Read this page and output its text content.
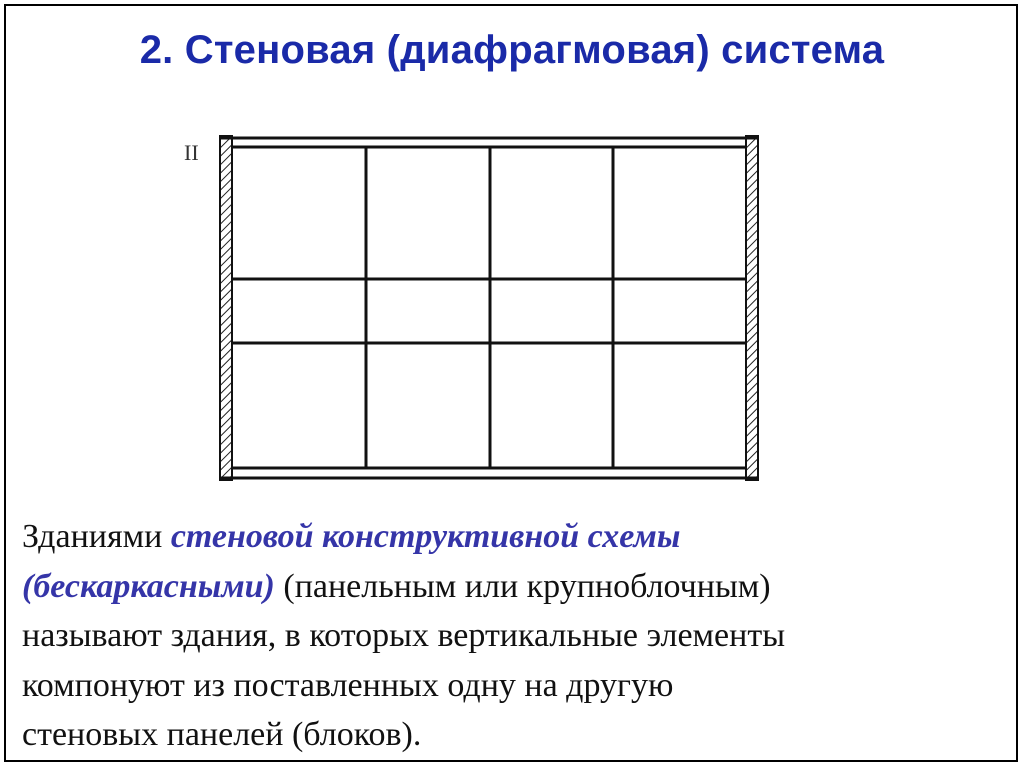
2. Стеновая (диафрагмовая) система
II
Зданиями стеновой конструктивной схемы
(бескаркасными) (панельным или крупноблочным)
называют здания, в которых вертикальные элементы
компонуют из поставленных одну на другую
стеновых панелей (блоков).
